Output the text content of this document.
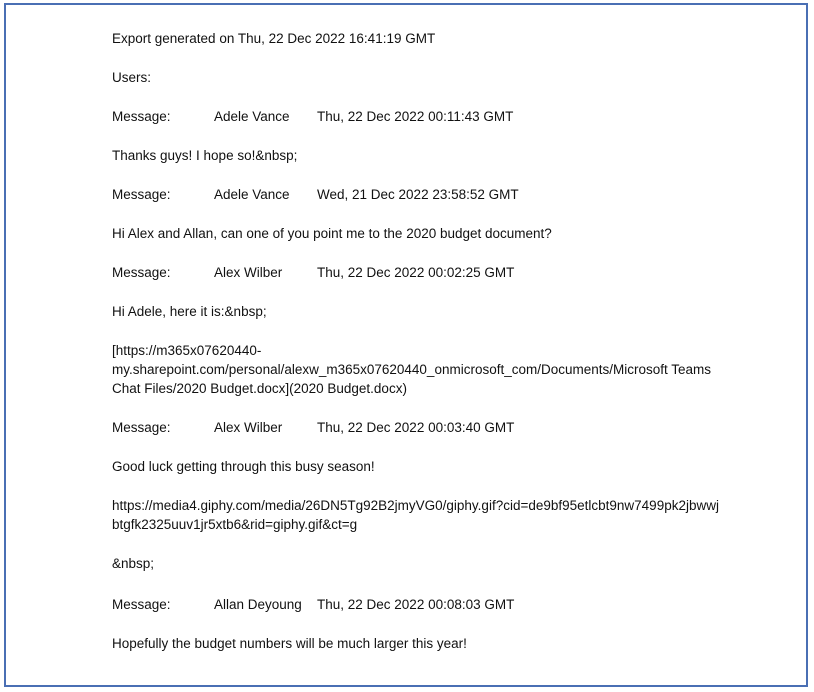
Export generated on Thu, 22 Dec 2022 16:41:19 GMT

Users:

Message:	Adele Vance	Thu, 22 Dec 2022 00:11:43 GMT

Thanks guys! I hope so!&nbsp;

Message:	Adele Vance	Wed, 21 Dec 2022 23:58:52 GMT

Hi Alex and Allan, can one of you point me to the 2020 budget document?

Message:	Alex Wilber	Thu, 22 Dec 2022 00:02:25 GMT

Hi Adele, here it is:&nbsp;

[https://m365x07620440-
my.sharepoint.com/personal/alexw_m365x07620440_onmicrosoft_com/Documents/Microsoft Teams
Chat Files/2020 Budget.docx](2020 Budget.docx)

Message:	Alex Wilber	Thu, 22 Dec 2022 00:03:40 GMT

Good luck getting through this busy season!

https://media4.giphy.com/media/26DN5Tg92B2jmyVG0/giphy.gif?cid=de9bf95etlcbt9nw7499pk2jbwwj
btgfk2325uuv1jr5xtb6&rid=giphy.gif&ct=g

&nbsp;

Message:	Allan Deyoung	Thu, 22 Dec 2022 00:08:03 GMT

Hopefully the budget numbers will be much larger this year!
